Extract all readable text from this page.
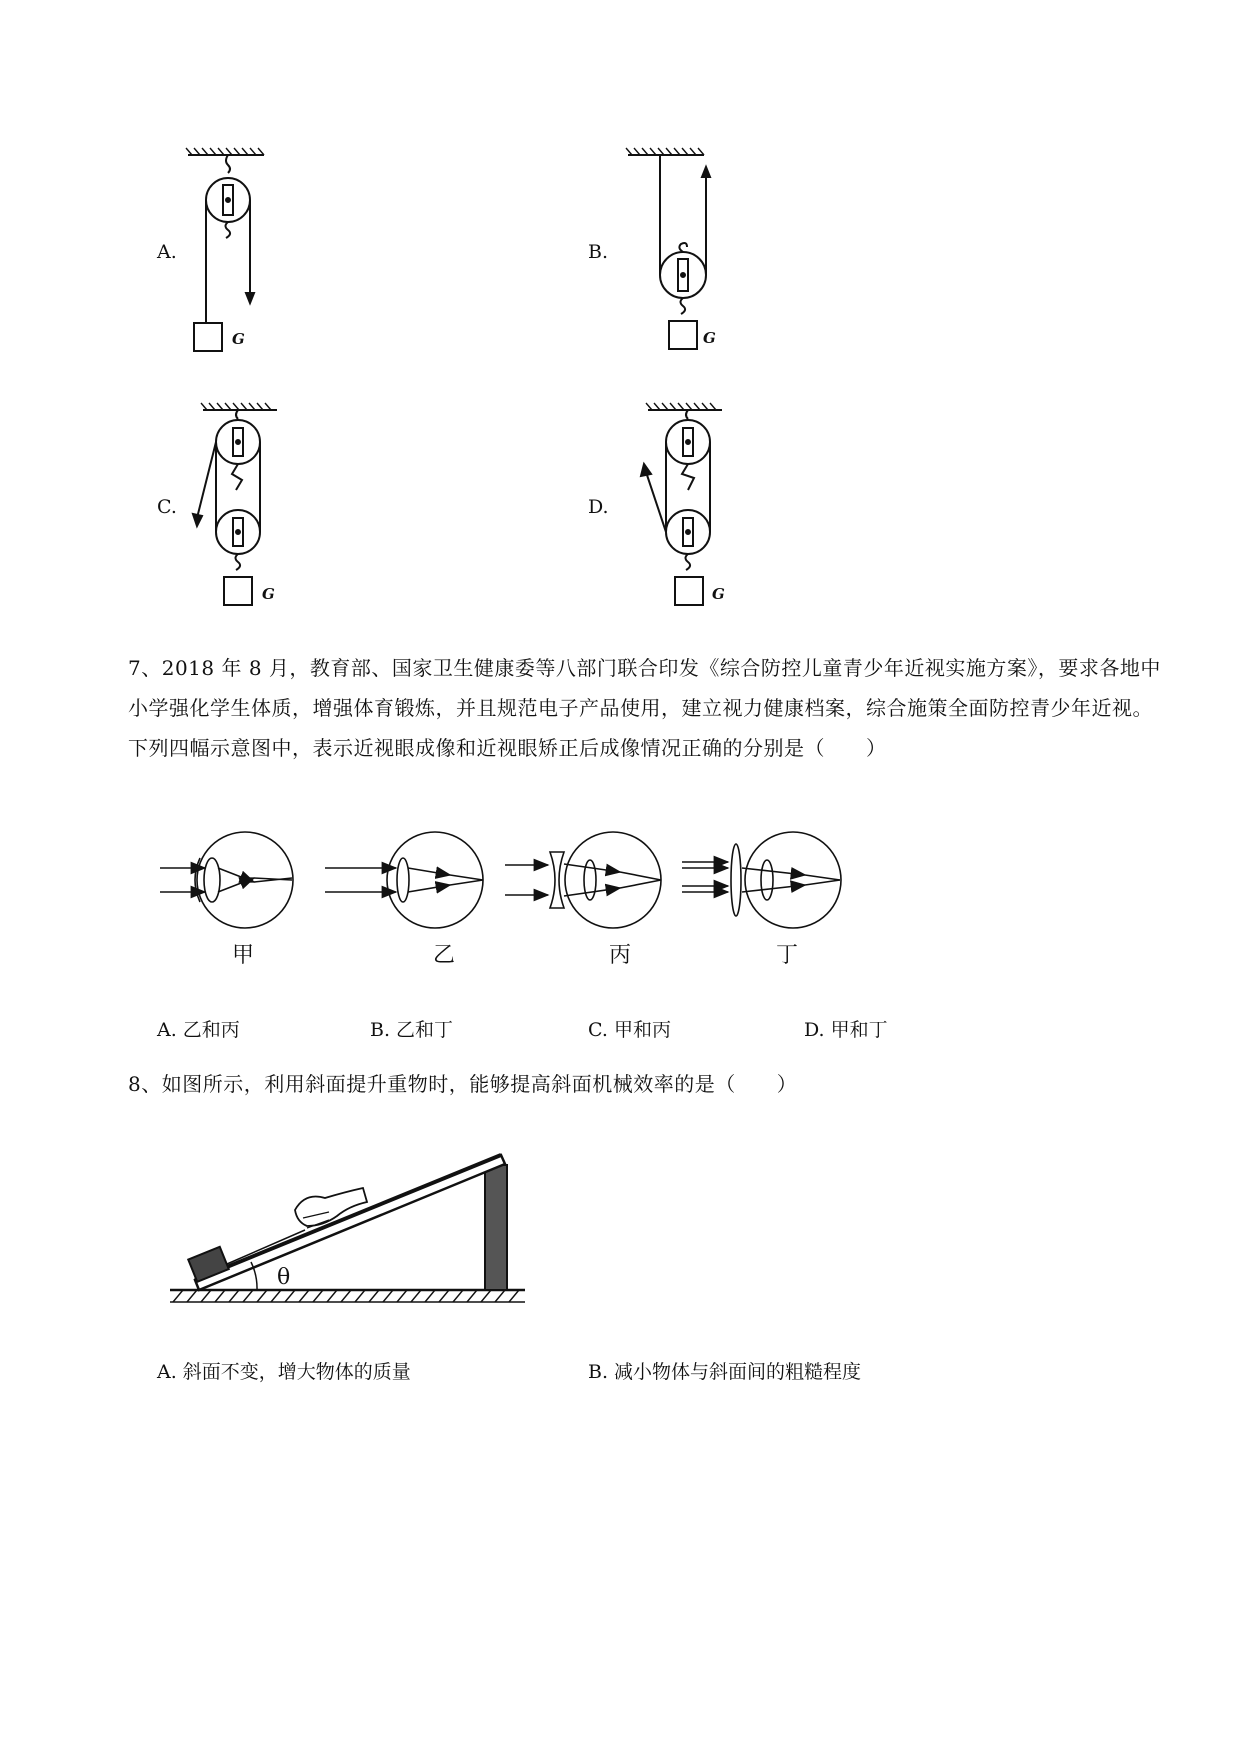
A.	B.
C.	D.
G	G
G	G
7、2018 年 8 月，教育部、国家卫生健康委等八部门联合印发《综合防控儿童青少年近视实施方案》，要求各地中小学强化学生体质，增强体育锻炼，并且规范电子产品使用，建立视力健康档案，综合施策全面防控青少年近视。下列四幅示意图中，表示近视眼成像和近视眼矫正后成像情况正确的分别是（　　）
甲	乙	丙	丁
A. 乙和丙	B. 乙和丁	C. 甲和丙	D. 甲和丁
8、如图所示，利用斜面提升重物时，能够提高斜面机械效率的是（　　）
θ
A. 斜面不变，增大物体的质量	B. 减小物体与斜面间的粗糙程度
